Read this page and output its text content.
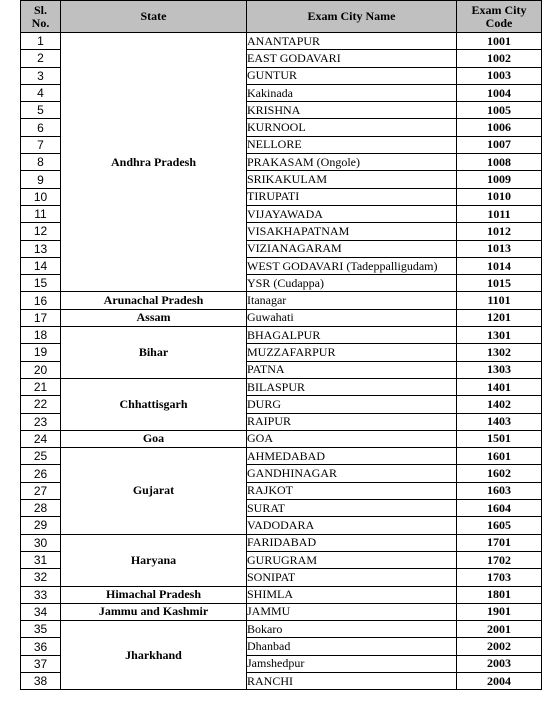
Sl.
No.	State	Exam City Name	Exam City
Code
1	Andhra Pradesh	ANANTAPUR	1001
2		EAST GODAVARI	1002
3		GUNTUR	1003
4		Kakinada	1004
5		KRISHNA	1005
6		KURNOOL	1006
7		NELLORE	1007
8		PRAKASAM (Ongole)	1008
9		SRIKAKULAM	1009
10		TIRUPATI	1010
11		VIJAYAWADA	1011
12		VISAKHAPATNAM	1012
13		VIZIANAGARAM	1013
14		WEST GODAVARI (Tadeppalligudam)	1014
15		YSR (Cudappa)	1015
16	Arunachal Pradesh	Itanagar	1101
17	Assam	Guwahati	1201
18	Bihar	BHAGALPUR	1301
19		MUZZAFARPUR	1302
20		PATNA	1303
21	Chhattisgarh	BILASPUR	1401
22		DURG	1402
23		RAIPUR	1403
24	Goa	GOA	1501
25	Gujarat	AHMEDABAD	1601
26		GANDHINAGAR	1602
27		RAJKOT	1603
28		SURAT	1604
29		VADODARA	1605
30	Haryana	FARIDABAD	1701
31		GURUGRAM	1702
32		SONIPAT	1703
33	Himachal Pradesh	SHIMLA	1801
34	Jammu and Kashmir	JAMMU	1901
35	Jharkhand	Bokaro	2001
36		Dhanbad	2002
37		Jamshedpur	2003
38		RANCHI	2004
